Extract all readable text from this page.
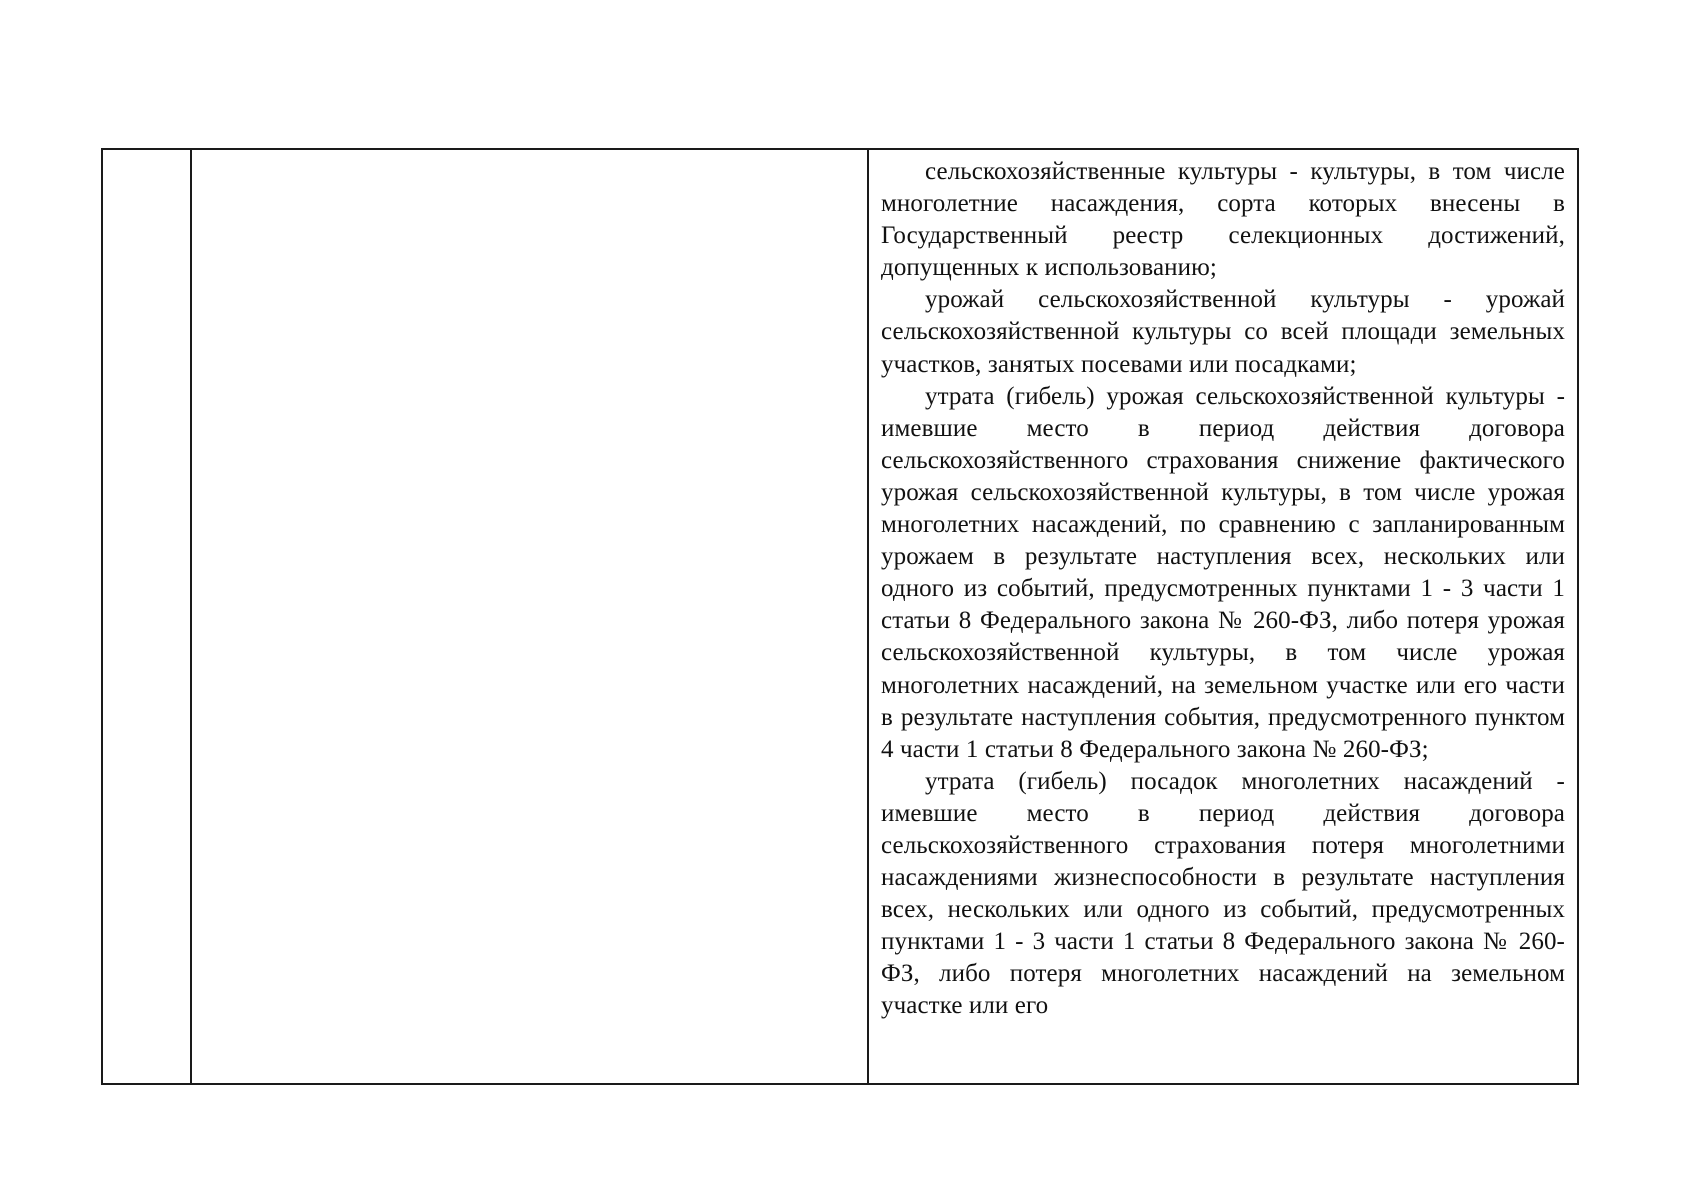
сельскохозяйственные культуры - культуры, в том числе многолетние насаждения, сорта которых внесены в Государственный реестр селекционных достижений, допущенных к использованию;

урожай сельскохозяйственной культуры - урожай сельскохозяйственной культуры со всей площади земельных участков, занятых посевами или посадками;

утрата (гибель) урожая сельскохозяйственной культуры - имевшие место в период действия договора сельскохозяйственного страхования снижение фактического урожая сельскохозяйственной культуры, в том числе урожая многолетних насаждений, по сравнению с запланированным урожаем в результате наступления всех, нескольких или одного из событий, предусмотренных пунктами 1 - 3 части 1 статьи 8 Федерального закона № 260-ФЗ, либо потеря урожая сельскохозяйственной культуры, в том числе урожая многолетних насаждений, на земельном участке или его части в результате наступления события, предусмотренного пунктом 4 части 1 статьи 8 Федерального закона № 260-ФЗ;

утрата (гибель) посадок многолетних насаждений - имевшие место в период действия договора сельскохозяйственного страхования потеря многолетними насаждениями жизнеспособности в результате наступления всех, нескольких или одного из событий, предусмотренных пунктами 1 - 3 части 1 статьи 8 Федерального закона № 260-ФЗ, либо потеря многолетних насаждений на земельном участке или его
